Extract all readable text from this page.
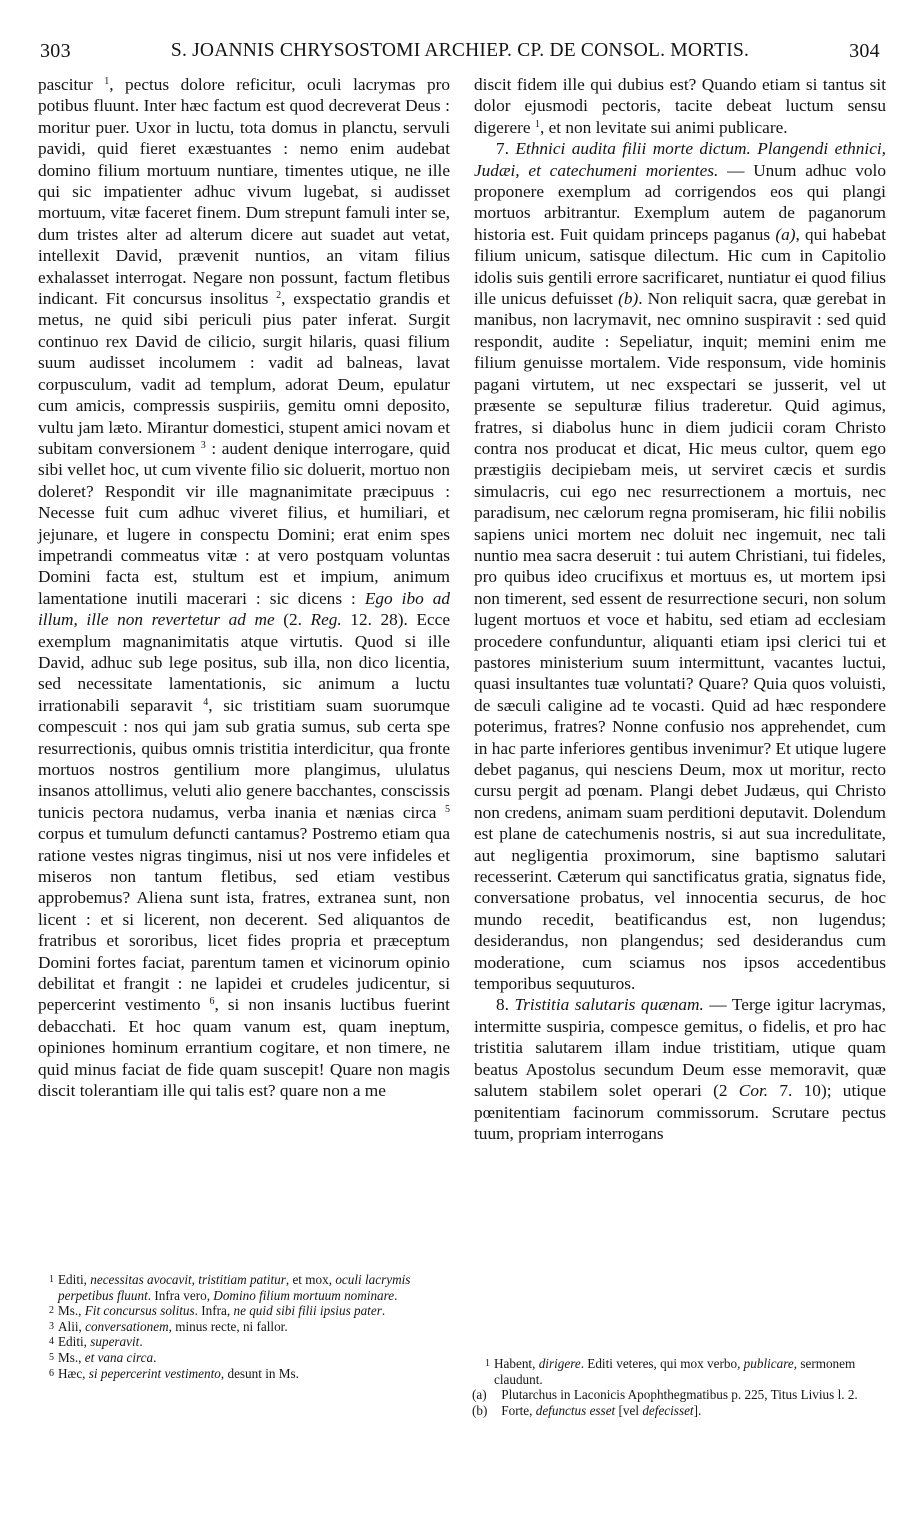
303	S. JOANNIS CHRYSOSTOMI ARCHIEP. CP. DE CONSOL. MORTIS.	304

pascitur $^1$, pectus dolore reficitur, oculi lacrymas pro potibus fluunt. Inter hæc factum est quod decreverat Deus : moritur puer. Uxor in luctu, tota domus in planctu, servuli pavidi, quid fieret exæstuantes : nemo enim audebat domino filium mortuum nuntiare, timentes utique, ne ille qui sic impatienter adhuc vivum lugebat, si audisset mortuum, vitæ faceret finem. Dum strepunt famuli inter se, dum tristes alter ad alterum dicere aut suadet aut vetat, intellexit David, prævenit nuntios, an vitam filius exhalasset interrogat. Negare non possunt, factum fletibus indicant. Fit concursus insolitus $^2$, exspectatio grandis et metus, ne quid sibi periculi pius pater inferat. Surgit continuo rex David de cilicio, surgit hilaris, quasi filium suum audisset incolumem : vadit ad balneas, lavat corpusculum, vadit ad templum, adorat Deum, epulatur cum amicis, compressis suspiriis, gemitu omni deposito, vultu jam læto. Mirantur domestici, stupent amici novam et subitam conversionem $^3$ : audent denique interrogare, quid sibi vellet hoc, ut cum vivente filio sic doluerit, mortuo non doleret? Respondit vir ille magnanimitate præcipuus : Necesse fuit cum adhuc viveret filius, et humiliari, et jejunare, et lugere in conspectu Domini; erat enim spes impetrandi commeatus vitæ : at vero postquam voluntas Domini facta est, stultum est et impium, animum lamentatione inutili macerari : sic dicens : Ego ibo ad illum, ille non revertetur ad me (2. Reg. 12. 28). Ecce exemplum magnanimitatis atque virtutis. Quod si ille David, adhuc sub lege positus, sub illa, non dico licentia, sed necessitate lamentationis, sic animum a luctu irrationabili separavit $^4$, sic tristitiam suam suorumque compescuit : nos qui jam sub gratia sumus, sub certa spe resurrectionis, quibus omnis tristitia interdicitur, qua fronte mortuos nostros gentilium more plangimus, ululatus insanos attollimus, veluti alio genere bacchantes, conscissis tunicis pectora nudamus, verba inania et nænias circa $^5$ corpus et tumulum defuncti cantamus? Postremo etiam qua ratione vestes nigras tingimus, nisi ut nos vere infideles et miseros non tantum fletibus, sed etiam vestibus approbemus? Aliena sunt ista, fratres, extranea sunt, non licent : et si licerent, non decerent. Sed aliquantos de fratribus et sororibus, licet fides propria et præceptum Domini fortes faciat, parentum tamen et vicinorum opinio debilitat et frangit : ne lapidei et crudeles judicentur, si pepercerint vestimento $^6$, si non insanis luctibus fuerint debacchati. Et hoc quam vanum est, quam ineptum, opiniones hominum errantium cogitare, et non timere, ne quid minus faciat de fide quam suscepit! Quare non magis discit tolerantiam ille qui talis est? quare non a me

discit fidem ille qui dubius est? Quando etiam si tantus sit dolor ejusmodi pectoris, tacite debeat luctum sensu digerere $^1$, et non levitate sui animi publicare.

7. Ethnici audita filii morte dictum. Plangendi ethnici, Judæi, et catechumeni morientes. — Unum adhuc volo proponere exemplum ad corrigendos eos qui plangi mortuos arbitrantur. Exemplum autem de paganorum historia est. Fuit quidam princeps paganus (a), qui habebat filium unicum, satisque dilectum. Hic cum in Capitolio idolis suis gentili errore sacrificaret, nuntiatur ei quod filius ille unicus defuisset (b). Non reliquit sacra, quæ gerebat in manibus, non lacrymavit, nec omnino suspiravit : sed quid respondit, audite : Sepeliatur, inquit; memini enim me filium genuisse mortalem. Vide responsum, vide hominis pagani virtutem, ut nec exspectari se jusserit, vel ut præsente se sepulturæ filius traderetur. Quid agimus, fratres, si diabolus hunc in diem judicii coram Christo contra nos producat et dicat, Hic meus cultor, quem ego præstigiis decipiebam meis, ut serviret cæcis et surdis simulacris, cui ego nec resurrectionem a mortuis, nec paradisum, nec cælorum regna promiseram, hic filii nobilis sapiens unici mortem nec doluit nec ingemuit, nec tali nuntio mea sacra deseruit : tui autem Christiani, tui fideles, pro quibus ideo crucifixus et mortuus es, ut mortem ipsi non timerent, sed essent de resurrectione securi, non solum lugent mortuos et voce et habitu, sed etiam ad ecclesiam procedere confunduntur, aliquanti etiam ipsi clerici tui et pastores ministerium suum intermittunt, vacantes luctui, quasi insultantes tuæ voluntati? Quare? Quia quos voluisti, de sæculi caligine ad te vocasti. Quid ad hæc respondere poterimus, fratres? Nonne confusio nos apprehendet, cum in hac parte inferiores gentibus invenimur? Et utique lugere debet paganus, qui nesciens Deum, mox ut moritur, recto cursu pergit ad pœnam. Plangi debet Judæus, qui Christo non credens, animam suam perditioni deputavit. Dolendum est plane de catechumenis nostris, si aut sua incredulitate, aut negligentia proximorum, sine baptismo salutari recesserint. Cæterum qui sanctificatus gratia, signatus fide, conversatione probatus, vel innocentia securus, de hoc mundo recedit, beatificandus est, non lugendus; desiderandus, non plangendus; sed desiderandus cum moderatione, cum sciamus nos ipsos accedentibus temporibus sequuturos.

8. Tristitia salutaris quænam. — Terge igitur lacrymas, intermitte suspiria, compesce gemitus, o fidelis, et pro hac tristitia salutarem illam indue tristitiam, utique quam beatus Apostolus secundum Deum esse memoravit, quæ salutem stabilem solet operari (2 Cor. 7. 10); utique pœnitentiam facinorum commissorum. Scrutare pectus tuum, propriam interrogans

1 Editi, necessitas avocavit, tristitiam patitur, et mox, oculi lacrymis perpetibus fluunt. Infra vero, Domino filium mortuum nominare.
2 Ms., Fit concursus solitus. Infra, ne quid sibi filii ipsius pater.
3 Alii, conversationem, minus recte, ni fallor.
4 Editi, superavit.
5 Ms., et vana circa.
6 Hæc, si pepercerint vestimento, desunt in Ms.
1 Habent, dirigere. Editi veteres, qui mox verbo, publicare, sermonem claudunt.
(a) Plutarchus in Laconicis Apophthegmatibus p. 225, Titus Livius l. 2.
(b) Forte, defunctus esset [vel defecisset].
